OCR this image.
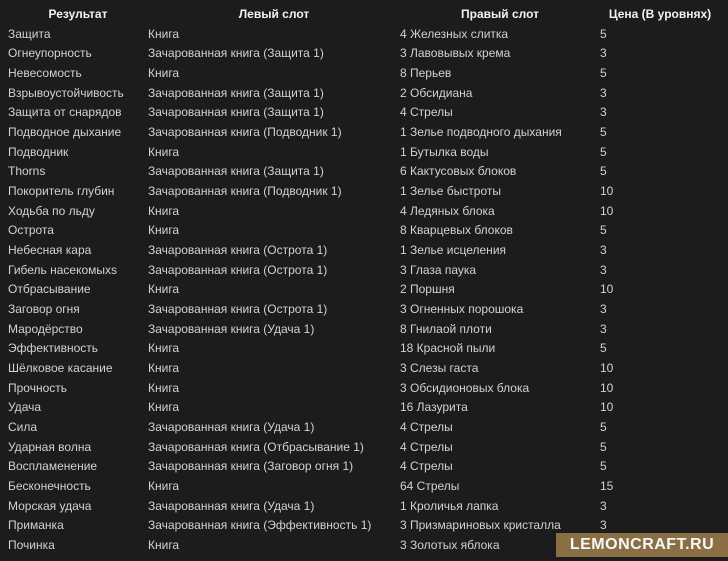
Результат	Левый слот	Правый слот	Цена (В уровнях)
Защита	Книга	4 Железных слитка	5
Огнеупорность	Зачарованная книга (Защита 1)	3 Лавовывых крема	3
Невесомость	Книга	8 Перьев	5
Взрывоустойчивость	Зачарованная книга (Защита 1)	2 Обсидиана	3
Защита от снарядов	Зачарованная книга (Защита 1)	4 Стрелы	3
Подводное дыхание	Зачарованная книга (Подводник 1)	1 Зелье подводного дыхания	5
Подводник	Книга	1 Бутылка воды	5
Thorns	Зачарованная книга (Защита 1)	6 Кактусовых блоков	5
Покоритель глубин	Зачарованная книга (Подводник 1)	1 Зелье быстроты	10
Ходьба по льду	Книга	4 Ледяных блока	10
Острота	Книга	8 Кварцевых блоков	5
Небесная кара	Зачарованная книга (Острота 1)	1 Зелье исцеления	3
Гибель насекомыхs	Зачарованная книга (Острота 1)	3 Глаза паука	3
Отбрасывание	Книга	2 Поршня	10
Заговор огня	Зачарованная книга (Острота 1)	3 Огненных порошока	3
Мародёрство	Зачарованная книга (Удача 1)	8 Гнилаой плоти	3
Эффективность	Книга	18 Красной пыли	5
Шёлковое касание	Книга	3 Слезы гаста	10
Прочность	Книга	3 Обсидионовых блока	10
Удача	Книга	16 Лазурита	10
Сила	Зачарованная книга (Удача 1)	4 Стрелы	5
Ударная волна	Зачарованная книга (Отбрасывание 1)	4 Стрелы	5
Воспламенение	Зачарованная книга (Заговор огня 1)	4 Стрелы	5
Бесконечность	Книга	64 Стрелы	15
Морская удача	Зачарованная книга (Удача 1)	1 Кроличья лапка	3
Приманка	Зачарованная книга (Эффективность 1)	3 Призмариновых кристалла	3
Починка	Книга	3 Золотых яблока	LEMONCRAFT.RU
